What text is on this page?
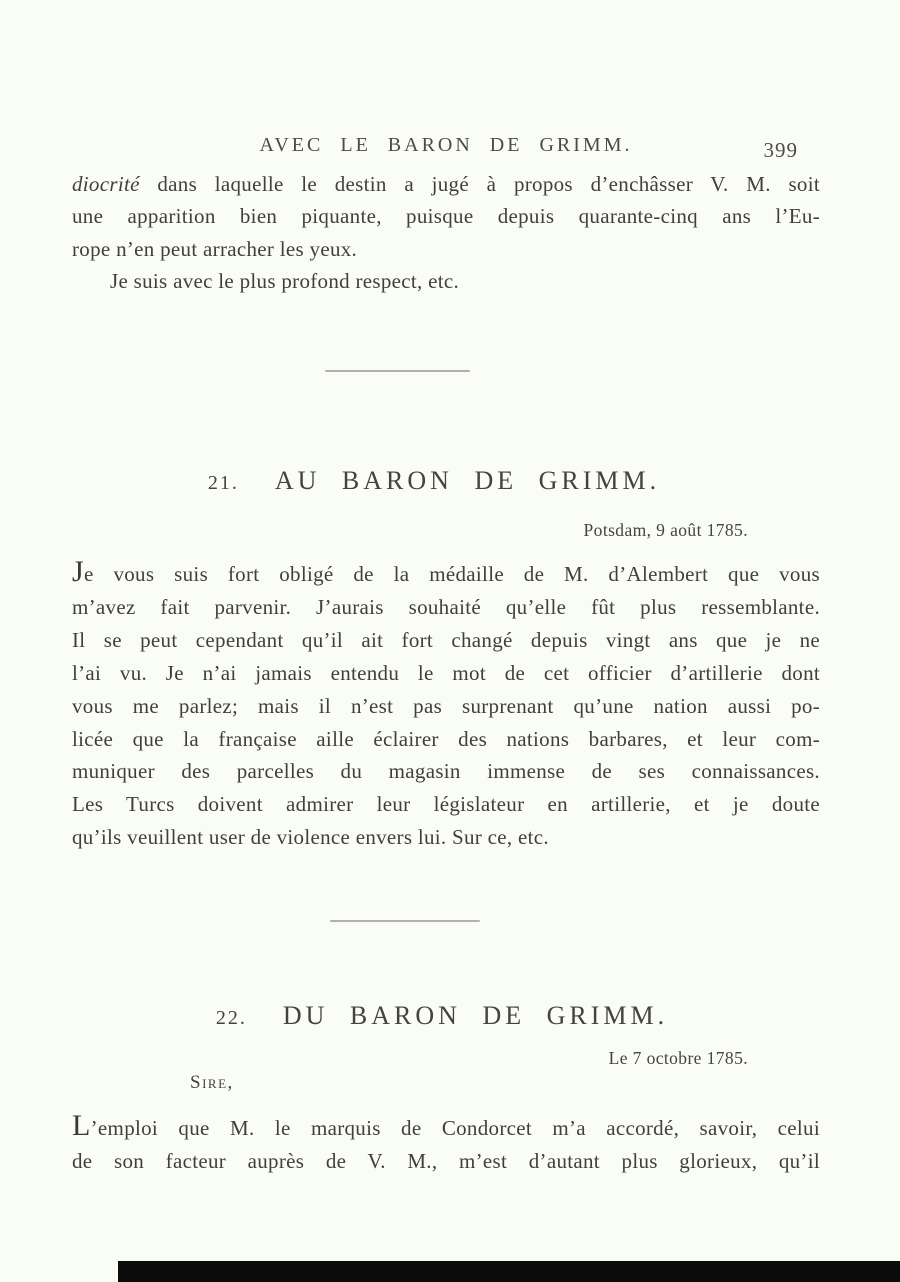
AVEC LE BARON DE GRIMM.	399
diocrité dans laquelle le destin a jugé à propos d’enchâsser V. M. soit
une apparition bien piquante, puisque depuis quarante-cinq ans l’Eu-
rope n’en peut arracher les yeux.
Je suis avec le plus profond respect, etc.
21. AU BARON DE GRIMM.
Potsdam, 9 août 1785.
Je vous suis fort obligé de la médaille de M. d’Alembert que vous
m’avez fait parvenir. J’aurais souhaité qu’elle fût plus ressemblante.
Il se peut cependant qu’il ait fort changé depuis vingt ans que je ne
l’ai vu. Je n’ai jamais entendu le mot de cet officier d’artillerie dont
vous me parlez; mais il n’est pas surprenant qu’une nation aussi po-
licée que la française aille éclairer des nations barbares, et leur com-
muniquer des parcelles du magasin immense de ses connaissances.
Les Turcs doivent admirer leur législateur en artillerie, et je doute
qu’ils veuillent user de violence envers lui. Sur ce, etc.
22. DU BARON DE GRIMM.
Le 7 octobre 1785.
Sire,
L’emploi que M. le marquis de Condorcet m’a accordé, savoir, celui
de son facteur auprès de V. M., m’est d’autant plus glorieux, qu’il
